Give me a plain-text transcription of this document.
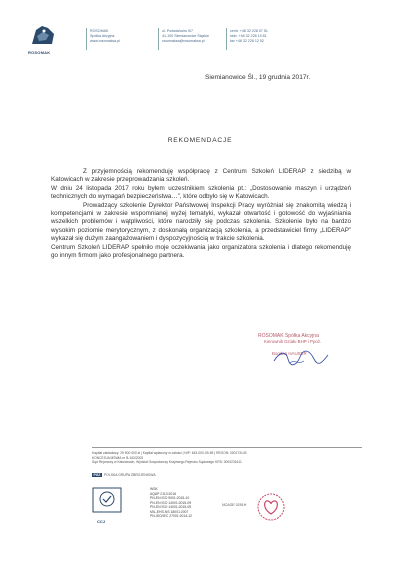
ROSOMAK
ROSOMAK
Spółka Akcyjna
www.rosomaksa.pl
ul. Powstańców 5/7
41-100 Siemianowice Śląskie
rosomaksa@rosomaksa.pl
centr. +48 32 228 57 51
sekr. +48 32 228 19 81
fax +48 32 228 12 52
Siemianowice Śl., 19 grudnia 2017r.
REKOMENDACJE

Z przyjemnością rekomenduję współpracę z Centrum Szkoleń LIDERAP z siedzibą w Katowicach w zakresie przeprowadzania szkoleń.

W dniu 24 listopada 2017 roku byłem uczestnikiem szkolenia pt.: „Dostosowanie maszyn i urządzeń technicznych do wymagań bezpieczeństwa…”, które odbyło się w Katowicach.

Prowadzący szkolenie Dyrektor Państwowej Inspekcji Pracy wyróżniał się znakomitą wiedzą i kompetencjami w zakresie wspomnianej wyżej tematyki, wykazał otwartość i gotowość do wyjaśniania wszelkich problemów i wątpliwości, które narodziły się podczas szkolenia. Szkolenie było na bardzo wysokim poziomie merytorycznym, z doskonałą organizacją szkolenia, a przedstawiciel firmy „LIDERAP” wykazał się dużym zaangażowaniem i dyspozycyjnością w trakcie szkolenia.

Centrum Szkoleń LIDERAP spełniło moje oczekiwania jako organizatora szkolenia i dlatego rekomenduję go innym firmom jako profesjonalnego partnera.

ROSOMAK Spółka Akcyjna
Kierownik Działu BHP i Ppoż.
Bogdan HAUSER
Kapitał zakładowy: 29 500 000 zł | Kapitał wpłacony w całości | NIP: 643-000-09-59 | REGON: 000173143
KONCESJA MSWiA nr B-163/2003
Sąd Rejonowy w Katowicach, Wydział Gospodarczy Krajowego Rejestru Sądowego KRS: 0000231611
PGZ POLSKA GRUPA ZBROJENIOWA
CCJ
WSK
AQAP 2110:2016
PN-EN ISO 9001:2015-10
PN-EN ISO 14001:2015-09
PN-EN ISO 14001:2015-09
MIL-EHS-NS 18001:2007
PN-ISO/IEC 27001:2014-12
NCAGE 0291H
